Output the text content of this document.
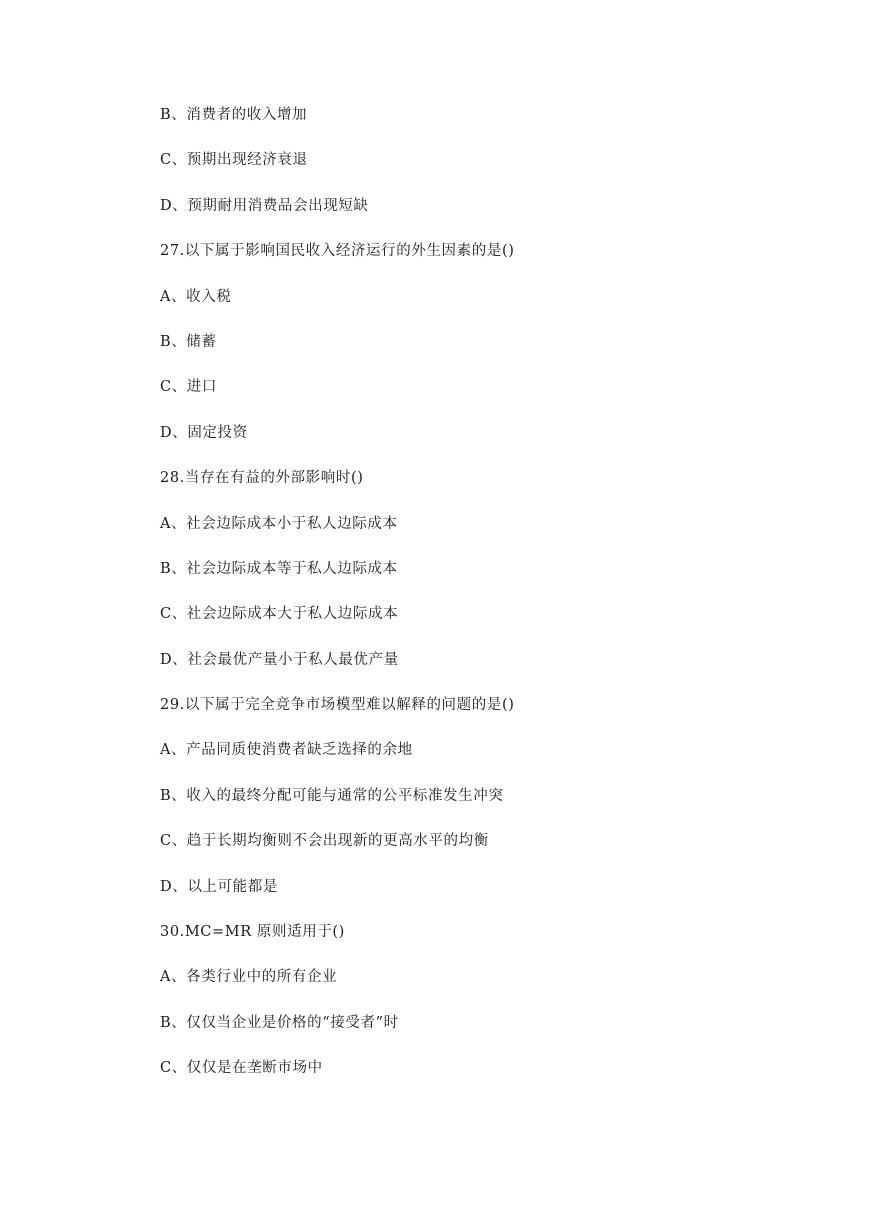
B、消费者的收入增加
C、预期出现经济衰退
D、预期耐用消费品会出现短缺
27.以下属于影响国民收入经济运行的外生因素的是()
A、收入税
B、储蓄
C、进口
D、固定投资
28.当存在有益的外部影响时()
A、社会边际成本小于私人边际成本
B、社会边际成本等于私人边际成本
C、社会边际成本大于私人边际成本
D、社会最优产量小于私人最优产量
29.以下属于完全竞争市场模型难以解释的问题的是()
A、产品同质使消费者缺乏选择的余地
B、收入的最终分配可能与通常的公平标准发生冲突
C、趋于长期均衡则不会出现新的更高水平的均衡
D、以上可能都是
30.MC=MR 原则适用于()
A、各类行业中的所有企业
B、仅仅当企业是价格的“接受者”时
C、仅仅是在垄断市场中
